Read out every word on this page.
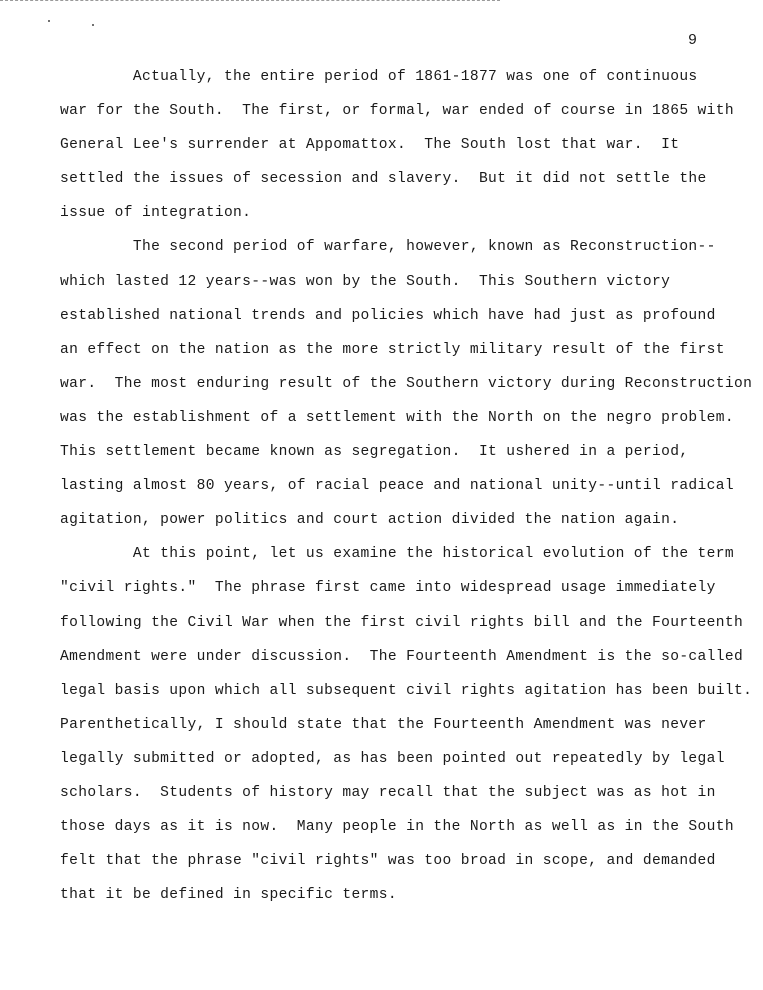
9
Actually, the entire period of 1861-1877 was one of continuous
war for the South.  The first, or formal, war ended of course in 1865 with
General Lee's surrender at Appomattox.  The South lost that war.  It
settled the issues of secession and slavery.  But it did not settle the
issue of integration.
The second period of warfare, however, known as Reconstruction--
which lasted 12 years--was won by the South.  This Southern victory
established national trends and policies which have had just as profound
an effect on the nation as the more strictly military result of the first
war.  The most enduring result of the Southern victory during Reconstruction
was the establishment of a settlement with the North on the negro problem.
This settlement became known as segregation.  It ushered in a period,
lasting almost 80 years, of racial peace and national unity--until radical
agitation, power politics and court action divided the nation again.
At this point, let us examine the historical evolution of the term
"civil rights."  The phrase first came into widespread usage immediately
following the Civil War when the first civil rights bill and the Fourteenth
Amendment were under discussion.  The Fourteenth Amendment is the so-called
legal basis upon which all subsequent civil rights agitation has been built.
Parenthetically, I should state that the Fourteenth Amendment was never
legally submitted or adopted, as has been pointed out repeatedly by legal
scholars.  Students of history may recall that the subject was as hot in
those days as it is now.  Many people in the North as well as in the South
felt that the phrase "civil rights" was too broad in scope, and demanded
that it be defined in specific terms.
